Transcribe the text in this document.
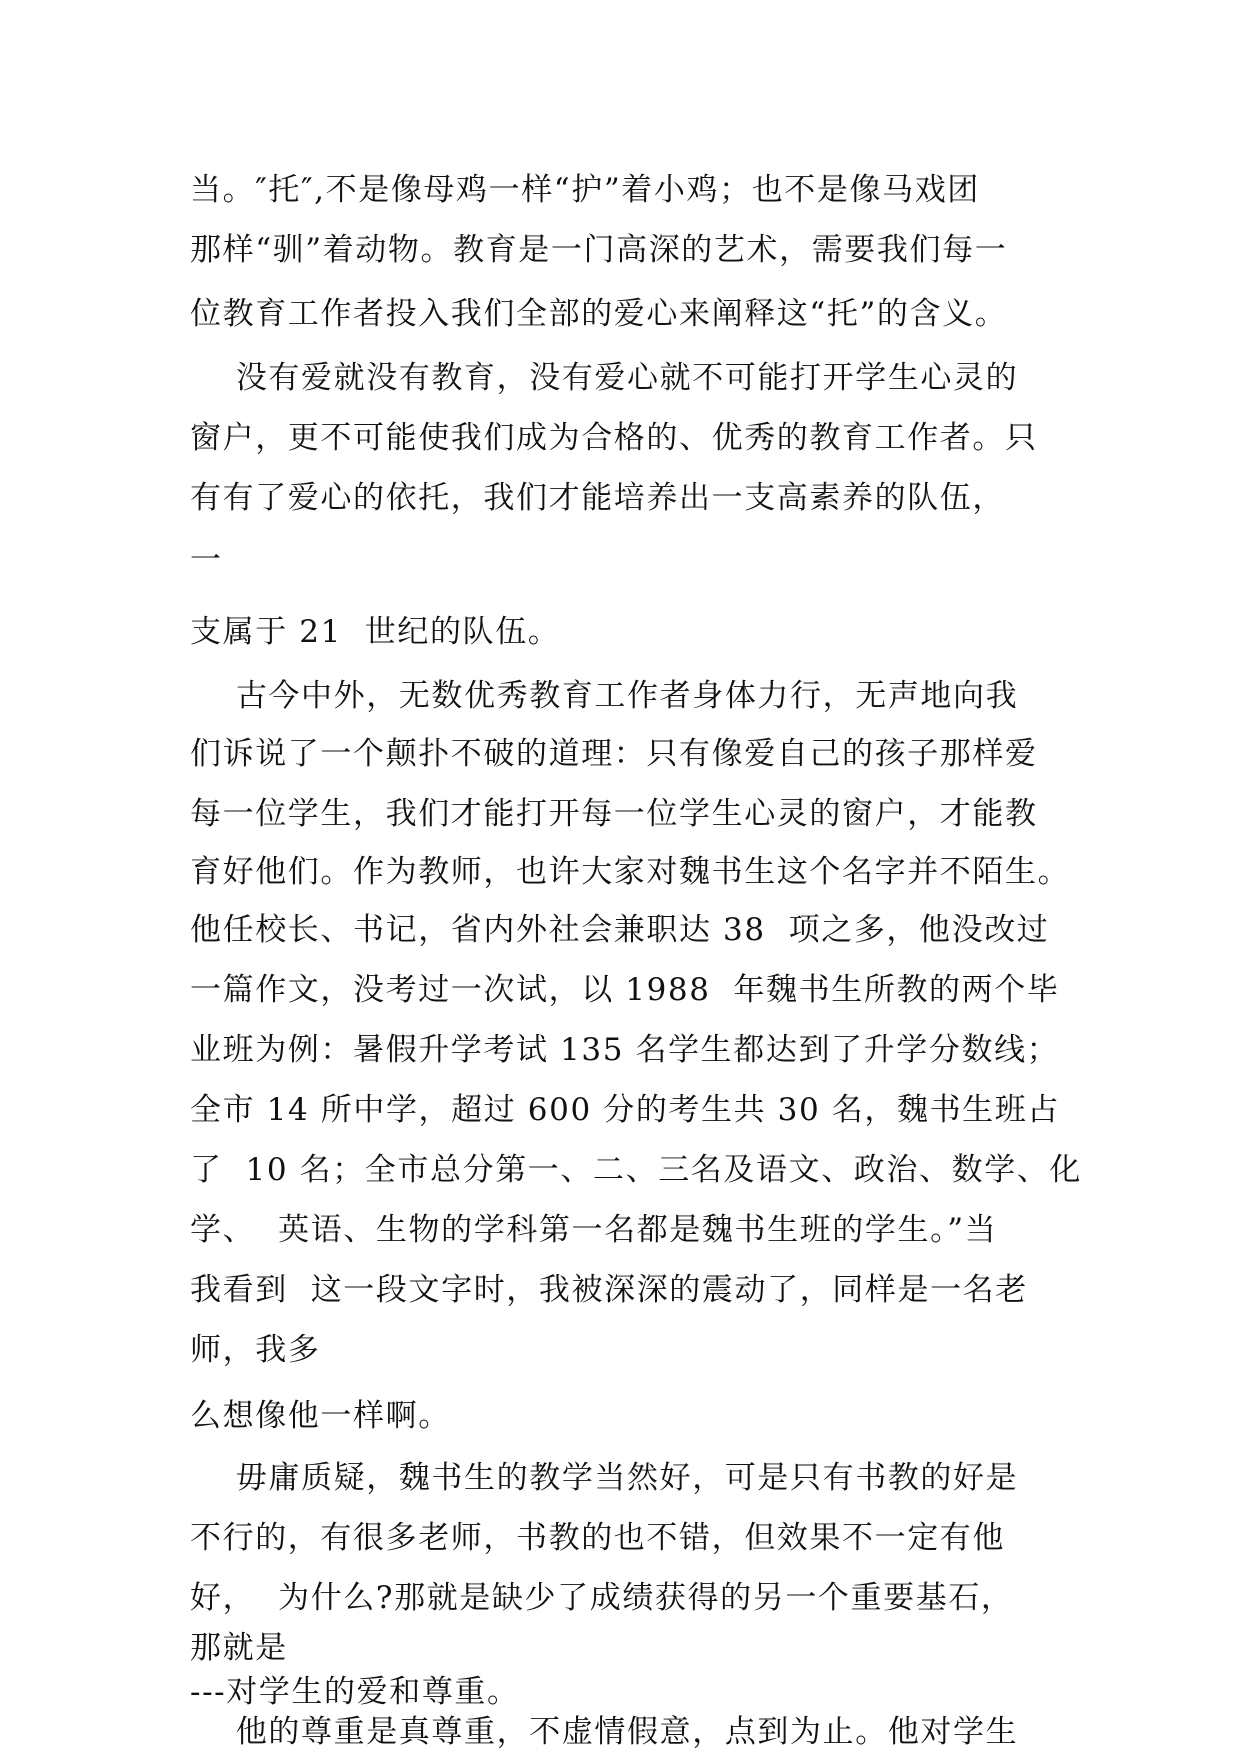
当。″托″,不是像母鸡一样“护”着小鸡；也不是像马戏团
那样“驯”着动物。教育是一门高深的艺术，需要我们每一
位教育工作者投入我们全部的爱心来阐释这“托”的含义。
没有爱就没有教育，没有爱心就不可能打开学生心灵的
窗户，更不可能使我们成为合格的、优秀的教育工作者。只
有有了爱心的依托，我们才能培养出一支高素养的队伍，
一
支属于 21  世纪的队伍。
古今中外，无数优秀教育工作者身体力行，无声地向我
们诉说了一个颠扑不破的道理：只有像爱自己的孩子那样爱
每一位学生，我们才能打开每一位学生心灵的窗户，才能教
育好他们。作为教师，也许大家对魏书生这个名字并不陌生。
他任校长、书记，省内外社会兼职达 38  项之多，他没改过
一篇作文，没考过一次试，以 1988  年魏书生所教的两个毕
业班为例：暑假升学考试 135 名学生都达到了升学分数线；
全市 14 所中学，超过 600 分的考生共 30 名，魏书生班占
了  10 名；全市总分第一、二、三名及语文、政治、数学、化
学、  英语、生物的学科第一名都是魏书生班的学生。”当
我看到  这一段文字时，我被深深的震动了，同样是一名老
师，我多
么想像他一样啊。
毋庸质疑，魏书生的教学当然好，可是只有书教的好是
不行的，有很多老师，书教的也不错，但效果不一定有他
好，  为什么?那就是缺少了成绩获得的另一个重要基石，
那就是
---对学生的爱和尊重。
他的尊重是真尊重，不虚情假意，点到为止。他对学生
